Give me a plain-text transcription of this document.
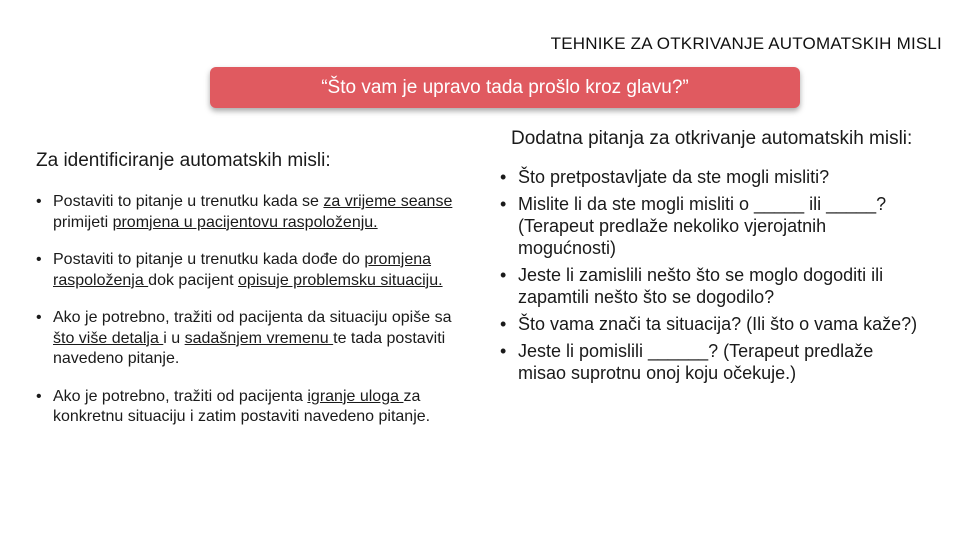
TEHNIKE ZA OTKRIVANJE AUTOMATSKIH MISLI
“Što vam je upravo tada prošlo kroz glavu?”
Za identificiranje automatskih misli:
• Postaviti to pitanje u trenutku kada se za vrijeme seanse primijeti promjena u pacijentovu raspoloženju.
• Postaviti to pitanje u trenutku kada dođe do promjena raspoloženja dok pacijent opisuje problemsku situaciju.
• Ako je potrebno, tražiti od pacijenta da situaciju opiše sa što više detalja i u sadašnjem vremenu te tada postaviti navedeno pitanje.
• Ako je potrebno, tražiti od pacijenta igranje uloga za konkretnu situaciju i zatim postaviti navedeno pitanje.
Dodatna pitanja za otkrivanje automatskih misli:
• Što pretpostavljate da ste mogli misliti?
• Mislite li da ste mogli misliti o _____ ili _____? (Terapeut predlaže nekoliko vjerojatnih mogućnosti)
• Jeste li zamislili nešto što se moglo dogoditi ili zapamtili nešto što se dogodilo?
• Što vama znači ta situacija? (Ili što o vama kaže?)
• Jeste li pomislili ______? (Terapeut predlaže misao suprotnu onoj koju očekuje.)
